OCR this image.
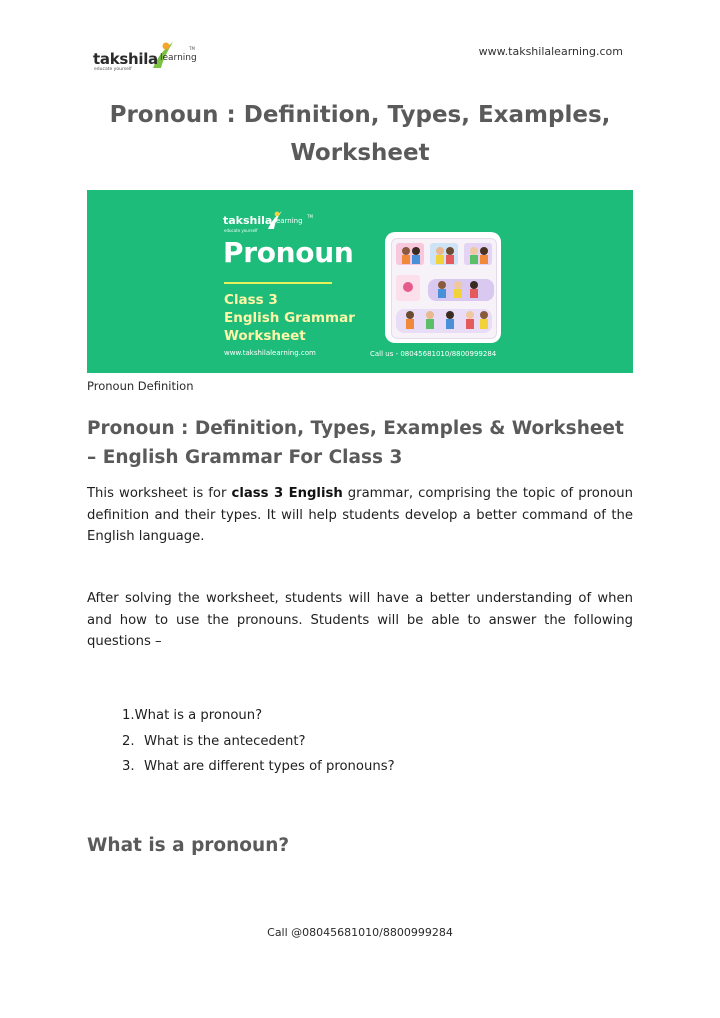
takshila learning
educate yourself
TM	www.takshilalearning.com
Pronoun : Definition, Types, Examples, Worksheet
takshila learning
educate yourself
TM
Pronoun
Class 3
English Grammar
Worksheet
www.takshilalearning.com	Call us - 08045681010/8800999284
Pronoun Definition
Pronoun : Definition, Types, Examples & Worksheet – English Grammar For Class 3
This worksheet is for class 3 English grammar, comprising the topic of pronoun definition and their types. It will help students develop a better command of the English language.
After solving the worksheet, students will have a better understanding of when and how to use the pronouns. Students will be able to answer the following questions –
1.What is a pronoun?
2. What is the antecedent?
3. What are different types of pronouns?
What is a pronoun?
Call @08045681010/8800999284
